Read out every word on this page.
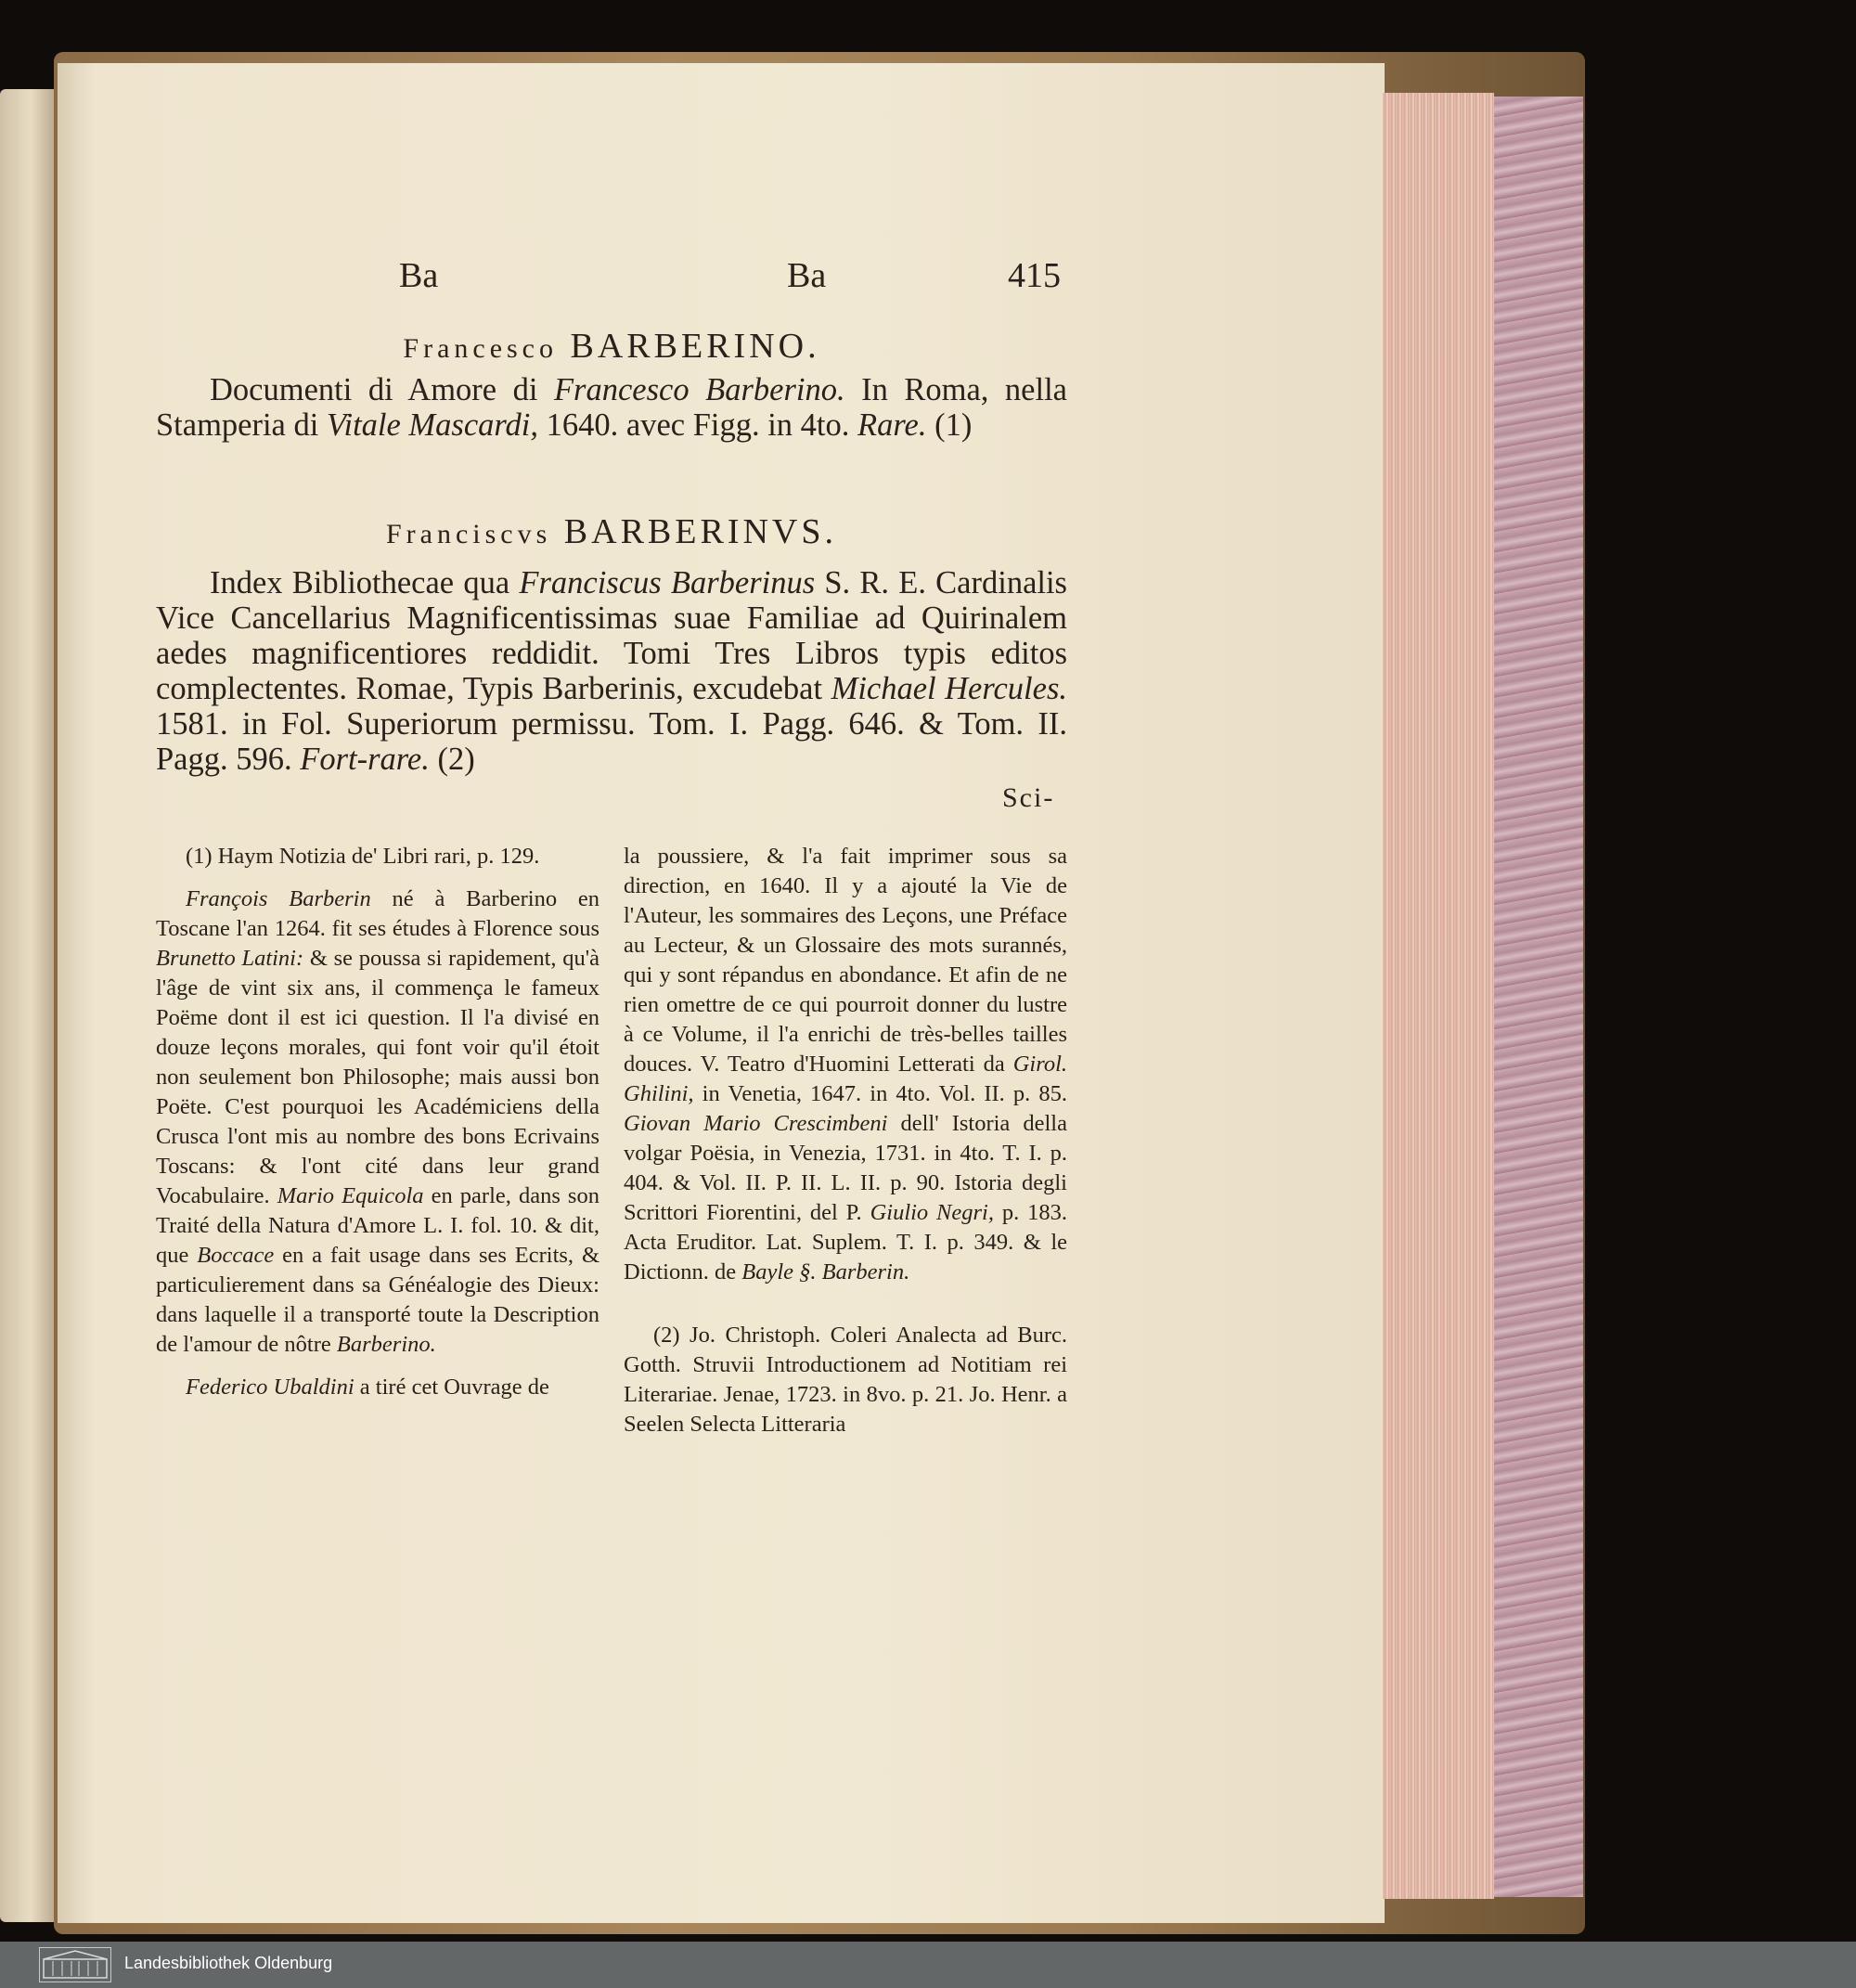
Ba	Ba	415
Francesco BARBERINO.

Documenti di Amore di Francesco Barberino. In Roma, nella Stamperia di Vitale Mascardi, 1640. avec Figg. in 4to. Rare. (1)

Franciscvs BARBERINVS.

Index Bibliothecae qua Franciscus Barberinus S. R. E. Cardinalis Vice Cancellarius Magnificentissimas suae Familiae ad Quirinalem aedes magnificentiores reddidit. Tomi Tres Libros typis editos complectentes. Romae, Typis Barberinis, excudebat Michael Hercules. 1581. in Fol. Superiorum permissu. Tom. I. Pagg. 646. & Tom. II. Pagg. 596. Fort-rare. (2)

Sci-

(1) Haym Notizia de' Libri rari, p. 129.

François Barberin né à Barberino en Toscane l'an 1264. fit ses études à Florence sous Brunetto Latini: & se poussa si rapidement, qu'à l'âge de vint six ans, il commença le fameux Poëme dont il est ici question. Il l'a divisé en douze leçons morales, qui font voir qu'il étoit non seulement bon Philosophe; mais aussi bon Poëte. C'est pourquoi les Académiciens della Crusca l'ont mis au nombre des bons Ecrivains Toscans: & l'ont cité dans leur grand Vocabulaire. Mario Equicola en parle, dans son Traité della Natura d'Amore L. I. fol. 10. & dit, que Boccace en a fait usage dans ses Ecrits, & particulierement dans sa Généalogie des Dieux: dans laquelle il a transporté toute la Description de l'amour de nôtre Barberino.

Federico Ubaldini a tiré cet Ouvrage de

la poussiere, & l'a fait imprimer sous sa direction, en 1640. Il y a ajouté la Vie de l'Auteur, les sommaires des Leçons, une Préface au Lecteur, & un Glossaire des mots surannés, qui y sont répandus en abondance. Et afin de ne rien omettre de ce qui pourroit donner du lustre à ce Volume, il l'a enrichi de très-belles tailles douces. V. Teatro d'Huomini Letterati da Girol. Ghilini, in Venetia, 1647. in 4to. Vol. II. p. 85. Giovan Mario Crescimbeni dell' Istoria della volgar Poësia, in Venezia, 1731. in 4to. T. I. p. 404. & Vol. II. P. II. L. II. p. 90. Istoria degli Scrittori Fiorentini, del P. Giulio Negri, p. 183. Acta Eruditor. Lat. Suplem. T. I. p. 349. & le Dictionn. de Bayle §. Barberin.

(2) Jo. Christoph. Coleri Analecta ad Burc. Gotth. Struvii Introductionem ad Notitiam rei Literariae. Jenae, 1723. in 8vo. p. 21. Jo. Henr. a Seelen Selecta Litteraria

Landesbibliothek Oldenburg
